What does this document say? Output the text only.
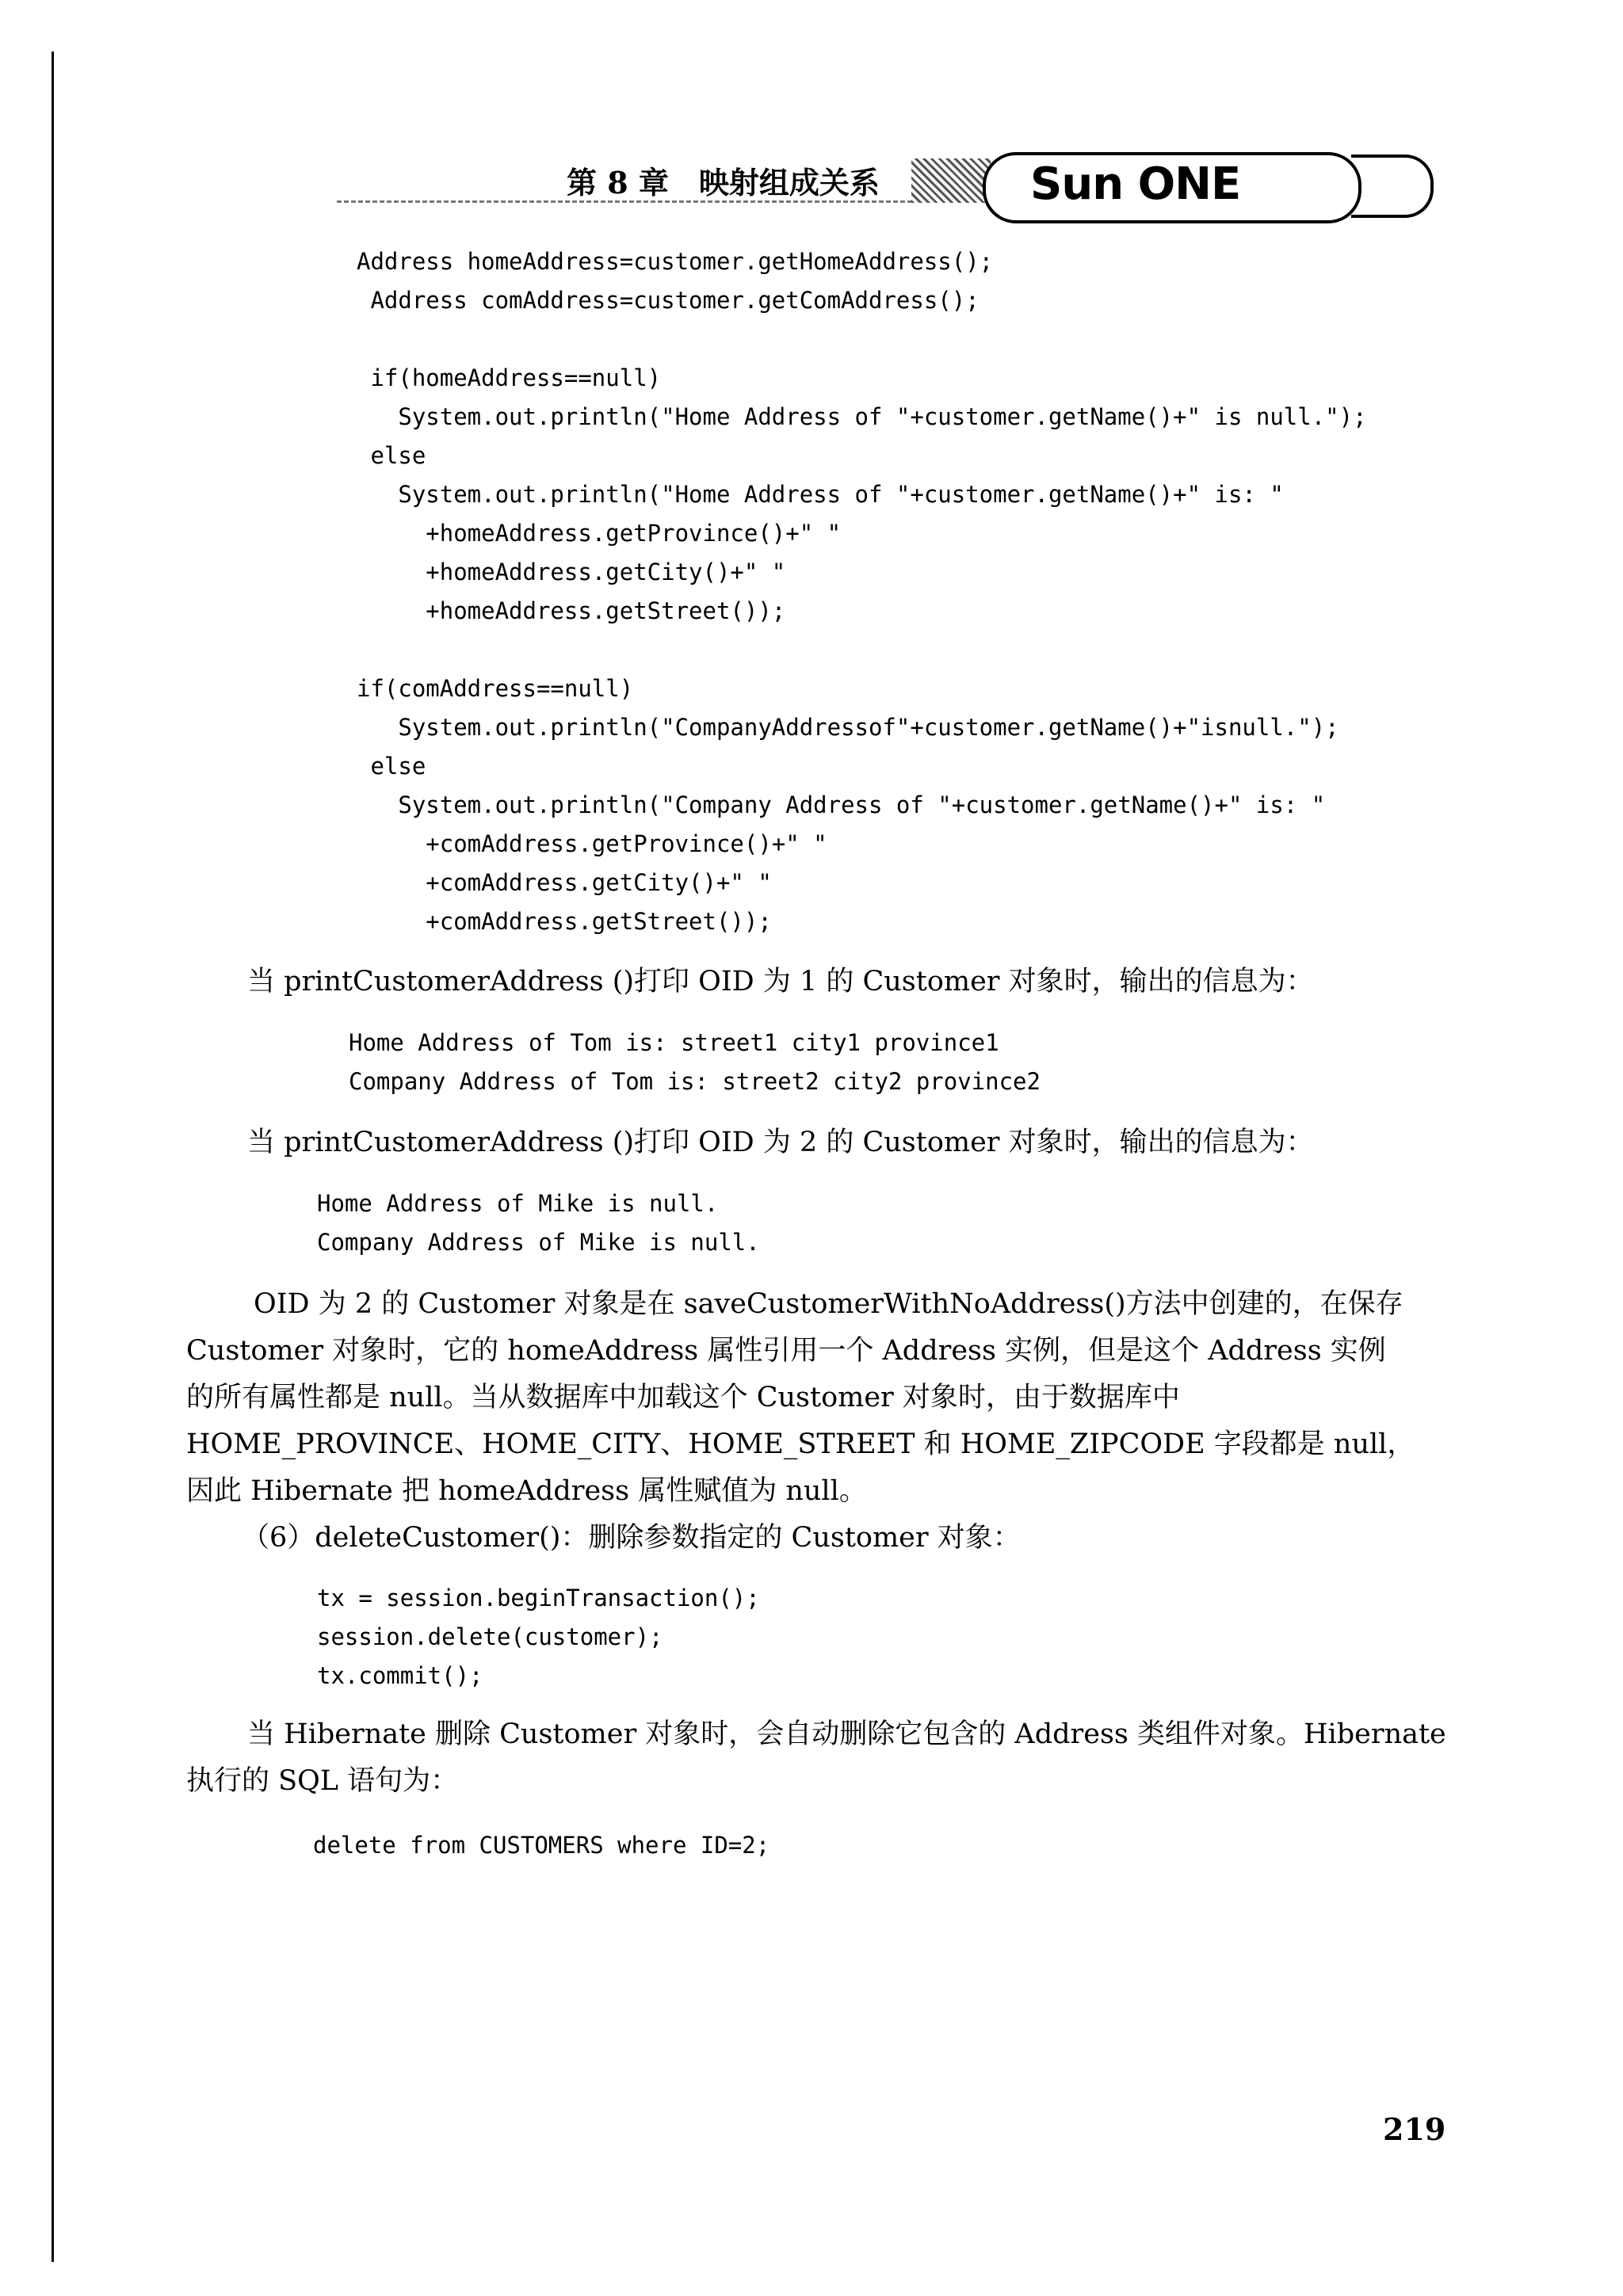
第 8 章　映射组成关系	Sun ONE
Address homeAddress=customer.getHomeAddress();
Address comAddress=customer.getComAddress();

if(homeAddress==null)
System.out.println("Home Address of "+customer.getName()+" is null.");
else
System.out.println("Home Address of "+customer.getName()+" is: "
+homeAddress.getProvince()+" "
+homeAddress.getCity()+" "
+homeAddress.getStreet());

if(comAddress==null)
System.out.println("CompanyAddressof"+customer.getName()+"isnull.");
else
System.out.println("Company Address of "+customer.getName()+" is: "
+comAddress.getProvince()+" "
+comAddress.getCity()+" "
+comAddress.getStreet());

当 printCustomerAddress ()打印 OID 为 1 的 Customer 对象时，输出的信息为：

Home Address of Tom is: street1 city1 province1
Company Address of Tom is: street2 city2 province2

当 printCustomerAddress ()打印 OID 为 2 的 Customer 对象时，输出的信息为：

Home Address of Mike is null.
Company Address of Mike is null.
OID 为 2 的 Customer 对象是在 saveCustomerWithNoAddress()方法中创建的，在保存
Customer 对象时，它的 homeAddress 属性引用一个 Address 实例，但是这个 Address 实例
的所有属性都是 null。当从数据库中加载这个 Customer 对象时，由于数据库中
HOME_PROVINCE、HOME_CITY、HOME_STREET 和 HOME_ZIPCODE 字段都是 null，
因此 Hibernate 把 homeAddress 属性赋值为 null。
（6）deleteCustomer()：删除参数指定的 Customer 对象：
tx = session.beginTransaction();
session.delete(customer);
tx.commit();
当 Hibernate 删除 Customer 对象时，会自动删除它包含的 Address 类组件对象。Hibernate
执行的 SQL 语句为：
delete from CUSTOMERS where ID=2;
219
